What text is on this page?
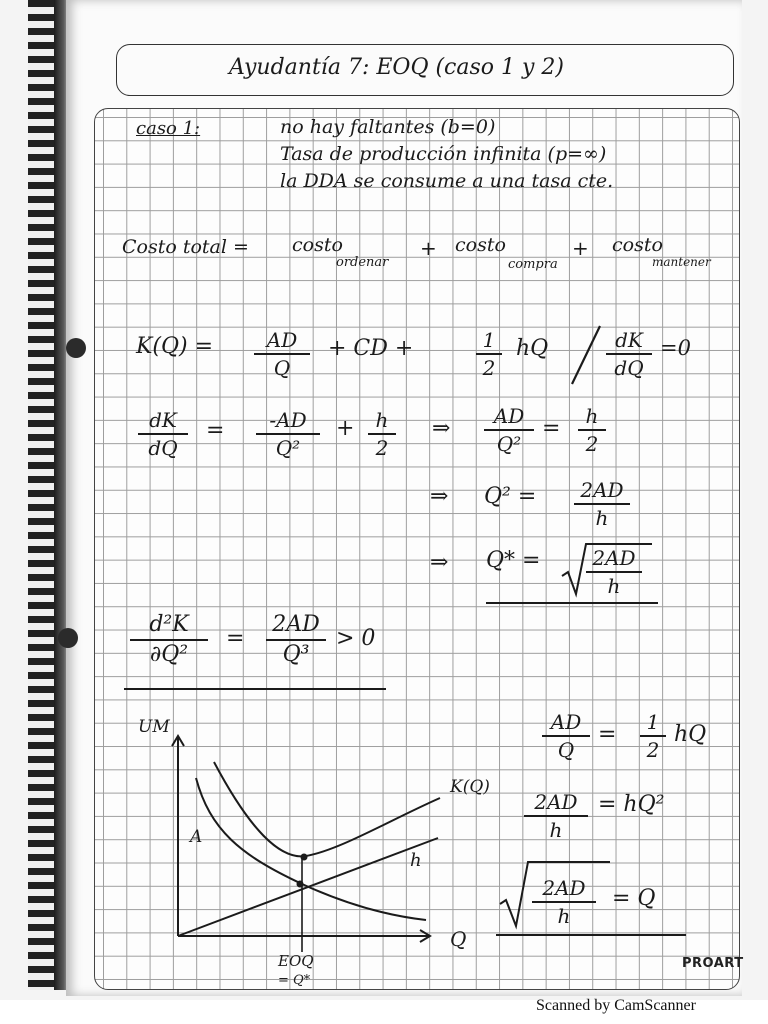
Ayudantía 7: EOQ (caso 1 y 2)
caso 1:	no hay faltantes (b=0)
Tasa de producción infinita (p=∞)
la DDA se consume a una tasa cte.
Costo total = costo
ordenar
+ costo
compra
+ costo
mantener
K(Q) =	AD
Q
+ CD +	1
2
hQ	dK
dQ
=0
dK
dQ
=	-AD
Q²
+	h
2
⇒	AD
Q²
=	h
2
⇒ Q² =	2AD
h
⇒ Q* =	2AD
h
d²K
∂Q²
=
2AD
Q³
> 0
UM
Q
K(Q)
h
A
EOQ
= Q*
AD
Q
=	1
2
hQ
2AD
h
= hQ²
2AD
h
= Q
PROART
Scanned by CamScanner
